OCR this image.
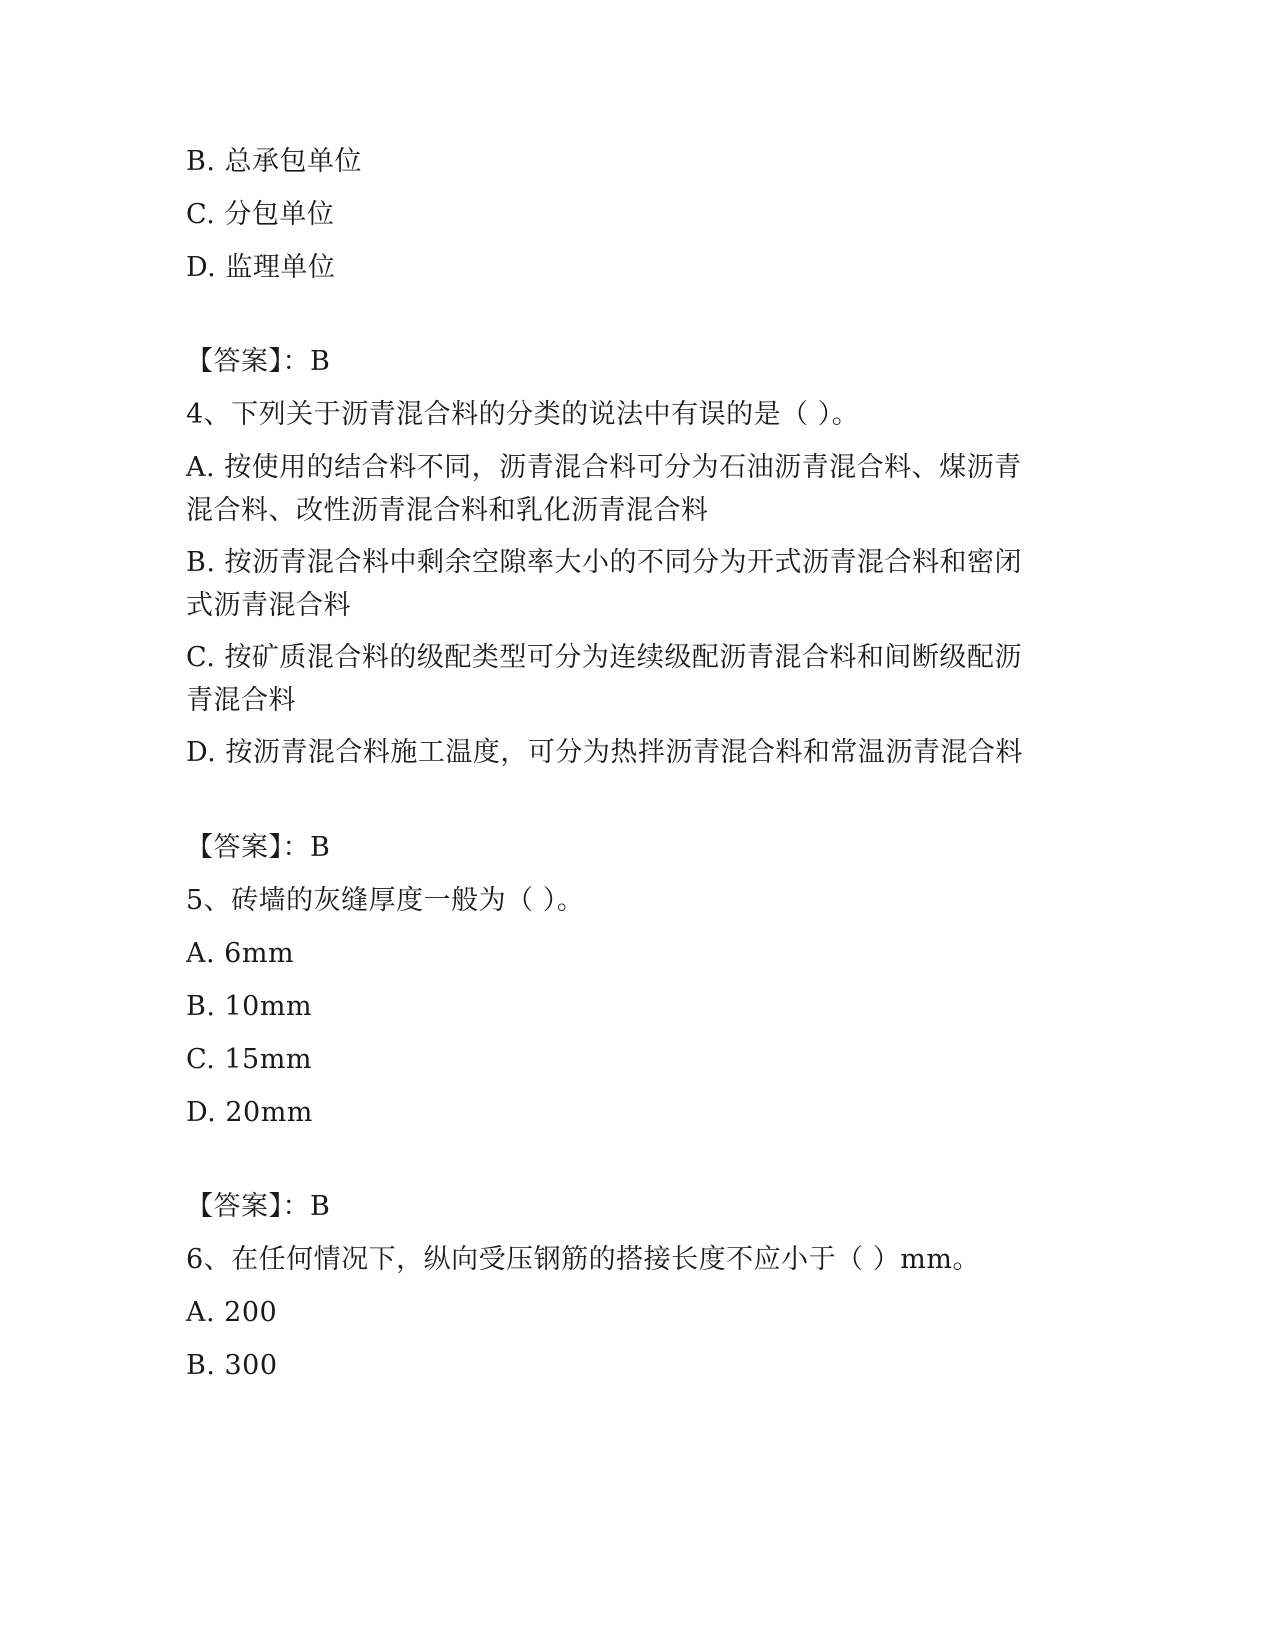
B. 总承包单位
C. 分包单位
D. 监理单位
【答案】：B
4、下列关于沥青混合料的分类的说法中有误的是（ ）。
A. 按使用的结合料不同，沥青混合料可分为石油沥青混合料、煤沥青
混合料、改性沥青混合料和乳化沥青混合料
B. 按沥青混合料中剩余空隙率大小的不同分为开式沥青混合料和密闭
式沥青混合料
C. 按矿质混合料的级配类型可分为连续级配沥青混合料和间断级配沥
青混合料
D. 按沥青混合料施工温度，可分为热拌沥青混合料和常温沥青混合料
【答案】：B
5、砖墙的灰缝厚度一般为（ ）。
A. 6mm
B. 10mm
C. 15mm
D. 20mm
【答案】：B
6、在任何情况下，纵向受压钢筋的搭接长度不应小于（ ）mm。
A. 200
B. 300
